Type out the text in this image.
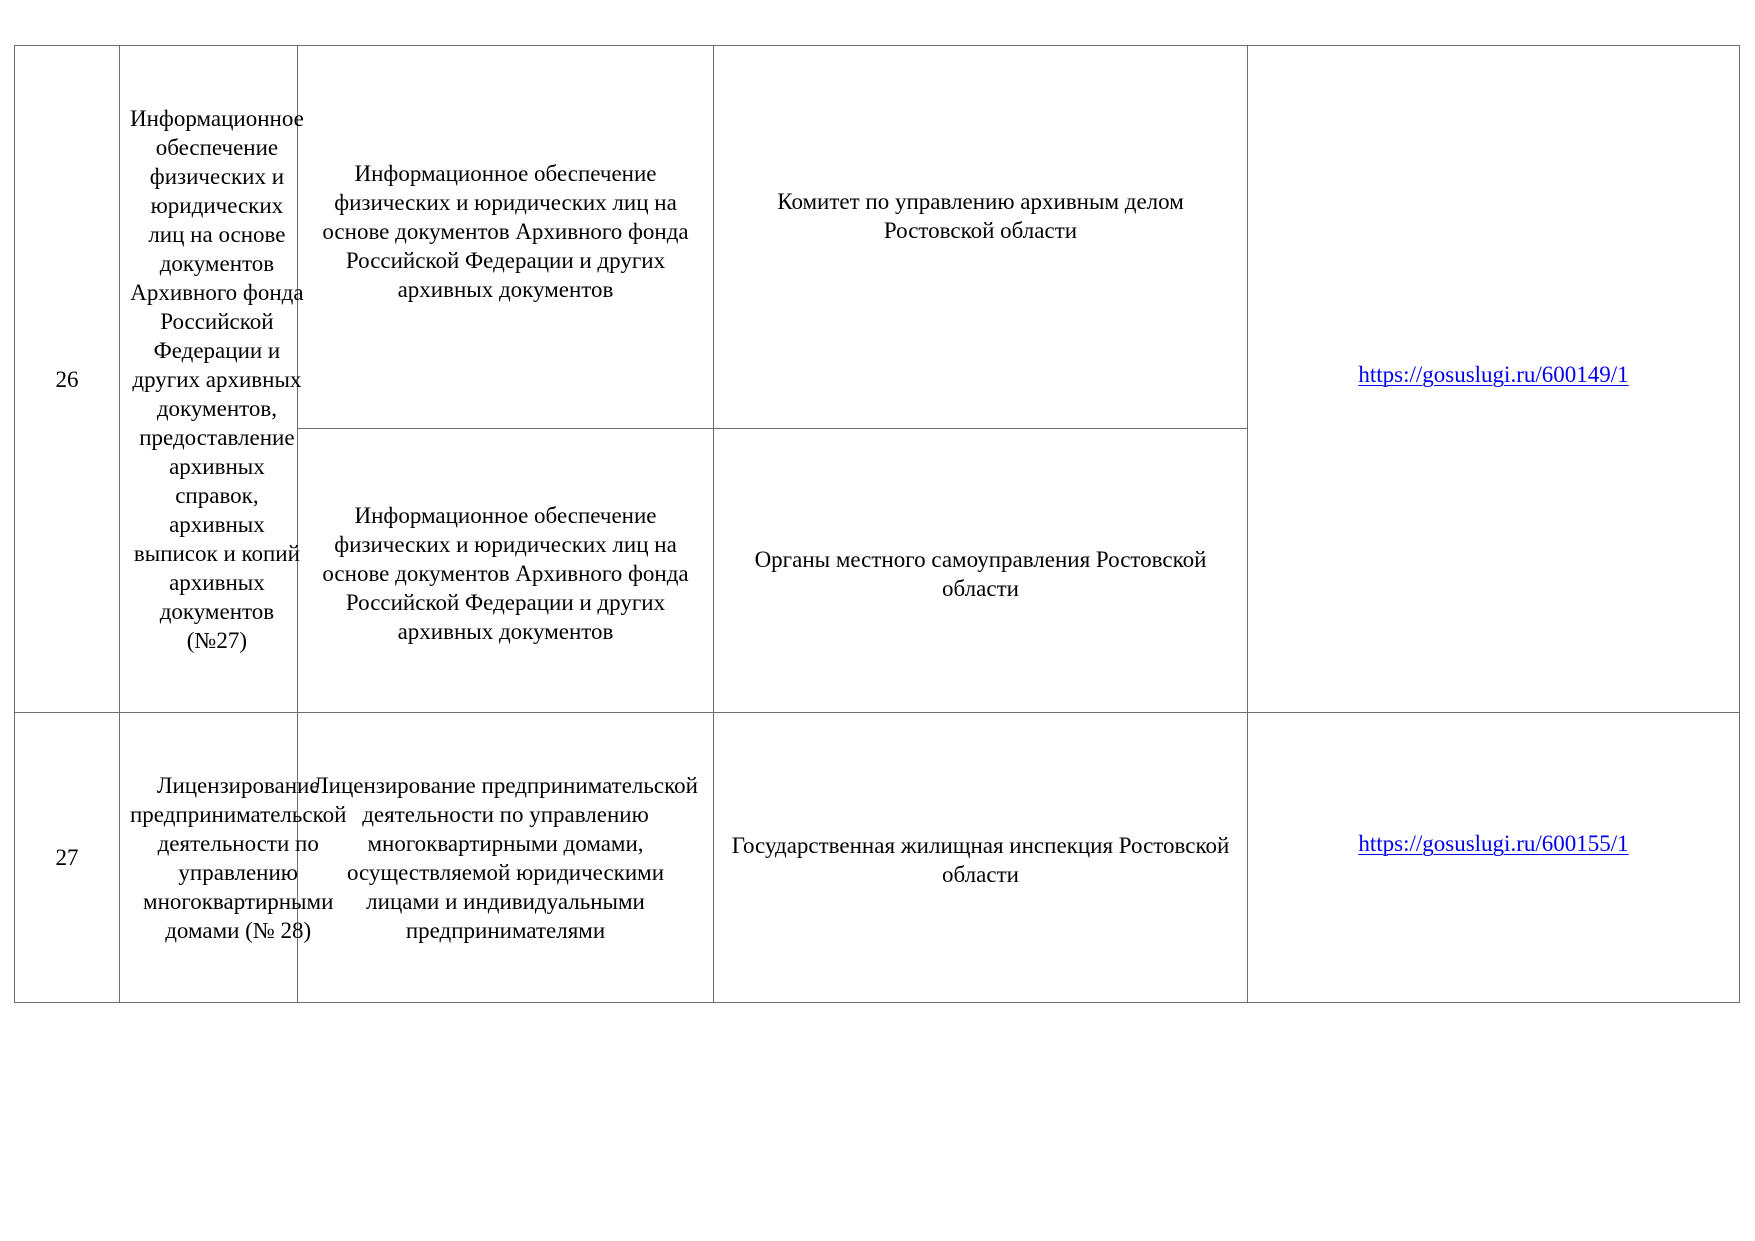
26	Информационное обеспечение физических и юридических лиц на основе документов Архивного фонда Российской Федерации и других архивных документов, предоставление архивных справок, архивных выписок и копий архивных документов (№27)	Информационное обеспечение физических и юридических лиц на основе документов Архивного фонда Российской Федерации и других архивных документов	Комитет по управлению архивным делом Ростовской области	https://gosuslugi.ru/600149/1
		Информационное обеспечение физических и юридических лиц на основе документов Архивного фонда Российской Федерации и других архивных документов	Органы местного самоуправления Ростовской области	
27	Лицензирование предпринимательской деятельности по управлению многоквартирными домами (№ 28)	Лицензирование предпринимательской деятельности по управлению многоквартирными домами, осуществляемой юридическими лицами и индивидуальными предпринимателями	Государственная жилищная инспекция Ростовской области	https://gosuslugi.ru/600155/1
